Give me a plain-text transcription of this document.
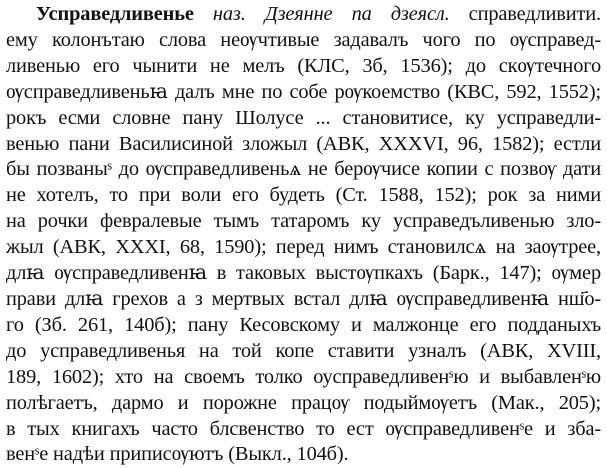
Усправедливенье наз. Дзеянне па дзеясл. справедливити.
ему колонътаю слова неѹчтивые задавалъ чого по ѹсправед-
ливенью его чынити не мелъ (КЛС, 3б, 1536); до скѹтечного
ѹсправедливеньꙗ далъ мне по собе рѹкоемство (КВС, 592, 1552);
рокъ есми словне пану Шолусе ... становитисе, ку усправедли-
венью пани Василисиной зложыл (АВК, XXXVI, 96, 1582); естли
бы позваныˢ до ѹсправедливеньѧ не берѹчисе копии с позвѹ дати
не хотелъ, то при воли его будеть (Ст. 1588, 152); рок за ними
на рочки февралевые тымъ татаромъ ку усправедъливенью зло-
жыл (АВК, XXXI, 68, 1590); перед нимъ становилсѧ на заѹтрее,
длꙗ ѹсправедливенꙗ в таковых выстѹпкахъ (Барк., 147); ѹмер
прави длꙗ грехов а з мертвых встал длꙗ ѹсправедливенꙗ нш҃о-
го (Зб. 261, 140б); пану Кесовскому и малжонце его подданыхъ
до усправедливенья на той копе ставити узналъ (АВК, XVIII,
189, 1602); хто на своемъ толко оусправедливенˢю и выбавленˢю
полѣгаетъ, дармо и порожне працѹ подыймѹетъ (Мак., 205);
в тых книгахъ часто блсвенство то ест ѹсправедливенˢе и зба-
венˢе надѣи приписѹютъ (Выкл., 104б).
